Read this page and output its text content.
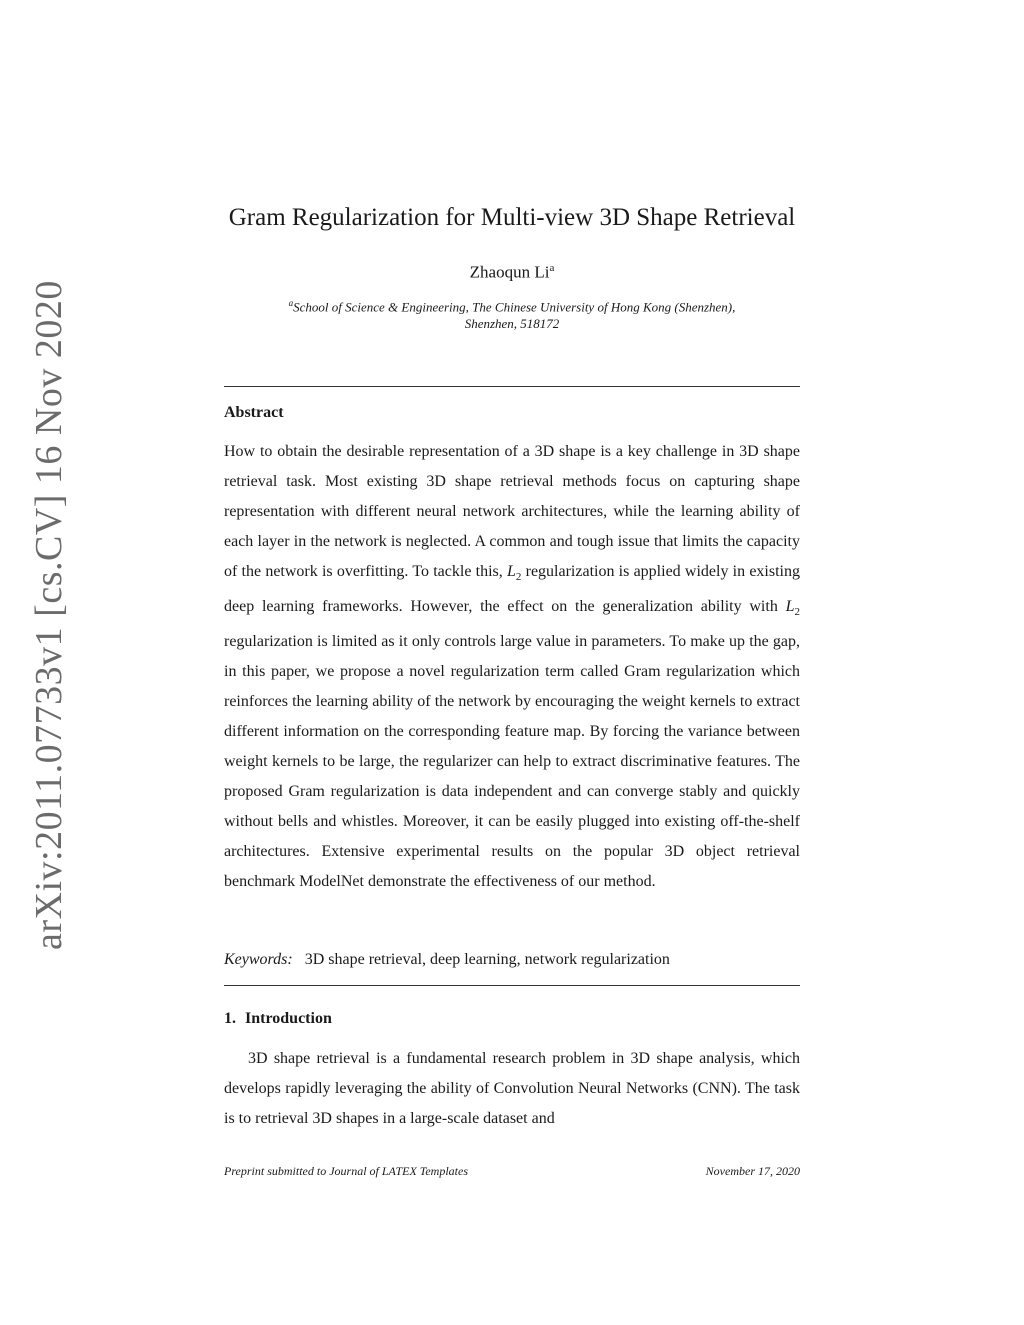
arXiv:2011.07733v1 [cs.CV] 16 Nov 2020
Gram Regularization for Multi-view 3D Shape Retrieval
Zhaoqun Li$^a$
$^a$School of Science & Engineering, The Chinese University of Hong Kong (Shenzhen),
Shenzhen, 518172
Abstract

How to obtain the desirable representation of a 3D shape is a key challenge in 3D shape retrieval task. Most existing 3D shape retrieval methods focus on capturing shape representation with different neural network architectures, while the learning ability of each layer in the network is neglected. A common and tough issue that limits the capacity of the network is overfitting. To tackle this, $L_2$ regularization is applied widely in existing deep learning frameworks. However, the effect on the generalization ability with $L_2$ regularization is limited as it only controls large value in parameters. To make up the gap, in this paper, we propose a novel regularization term called Gram regularization which reinforces the learning ability of the network by encouraging the weight kernels to extract different information on the corresponding feature map. By forcing the variance between weight kernels to be large, the regularizer can help to extract discriminative features. The proposed Gram regularization is data independent and can converge stably and quickly without bells and whistles. Moreover, it can be easily plugged into existing off-the-shelf architectures. Extensive experimental results on the popular 3D object retrieval benchmark ModelNet demonstrate the effectiveness of our method.

Keywords: 3D shape retrieval, deep learning, network regularization
1. Introduction

3D shape retrieval is a fundamental research problem in 3D shape analysis, which develops rapidly leveraging the ability of Convolution Neural Networks (CNN). The task is to retrieval 3D shapes in a large-scale dataset and

Preprint submitted to Journal of LATEX Templates	November 17, 2020
